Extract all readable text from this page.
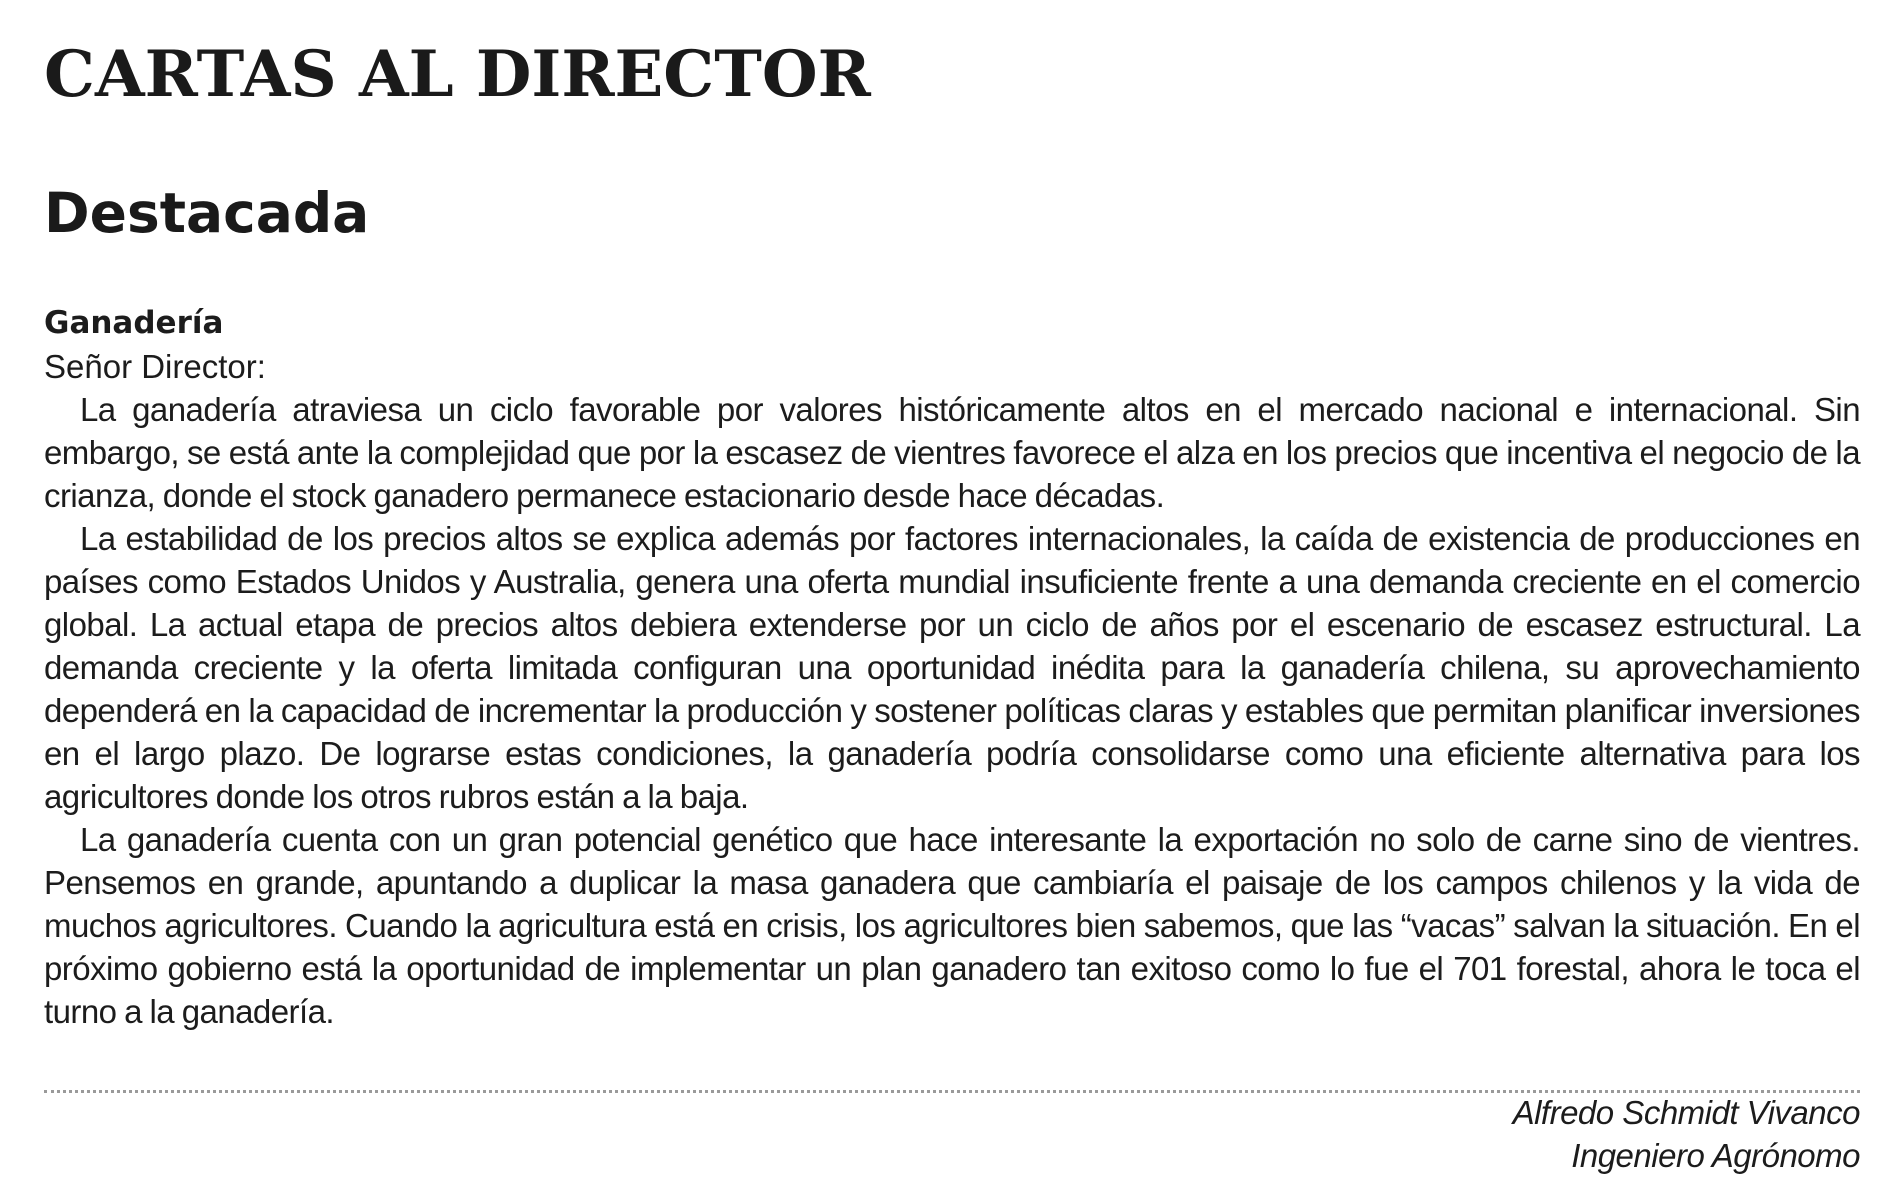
CARTAS AL DIRECTOR
Destacada
Ganadería

Señor Director:

La ganadería atraviesa un ciclo favorable por valores históricamente altos en el mercado nacional e internacional. Sin embargo, se está ante la complejidad que por la escasez de vientres favorece el alza en los precios que incentiva el negocio de la crianza, donde el stock ganadero permanece estacionario desde hace décadas.

La estabilidad de los precios altos se explica además por factores internacionales, la caída de existencia de producciones en países como Estados Unidos y Australia, genera una oferta mundial insuficiente frente a una demanda creciente en el comercio global. La actual etapa de precios altos debiera extenderse por un ciclo de años por el escenario de escasez estructural. La demanda creciente y la oferta limitada configuran una oportunidad inédita para la ganadería chilena, su aprovechamiento dependerá en la capacidad de incrementar la producción y sostener políticas claras y estables que permitan planificar inversiones en el largo plazo. De lograrse estas condiciones, la ganadería podría consolidarse como una eficiente alternativa para los agricultores donde los otros rubros están a la baja.

La ganadería cuenta con un gran potencial genético que hace interesante la exportación no solo de carne sino de vientres. Pensemos en grande, apuntando a duplicar la masa ganadera que cambiaría el paisaje de los campos chilenos y la vida de muchos agricultores. Cuando la agricultura está en crisis, los agricultores bien sabemos, que las “vacas” salvan la situación. En el próximo gobierno está la oportunidad de implementar un plan ganadero tan exitoso como lo fue el 701 forestal, ahora le toca el turno a la ganadería.

Alfredo Schmidt Vivanco
Ingeniero Agrónomo
